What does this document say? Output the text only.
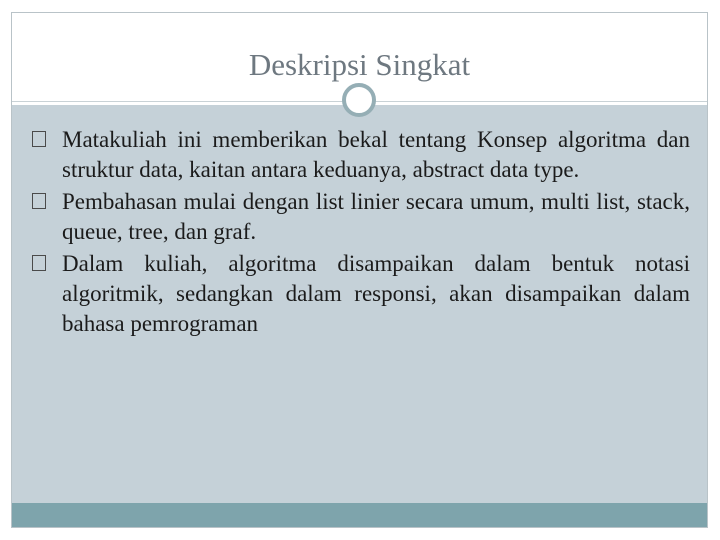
Deskripsi Singkat
Matakuliah ini memberikan bekal tentang Konsep algoritma dan struktur data, kaitan antara keduanya, abstract data type.
Pembahasan mulai dengan list linier secara umum, multi list, stack, queue, tree, dan graf.
Dalam kuliah, algoritma disampaikan dalam bentuk notasi algoritmik, sedangkan dalam responsi, akan disampaikan dalam bahasa pemrograman
